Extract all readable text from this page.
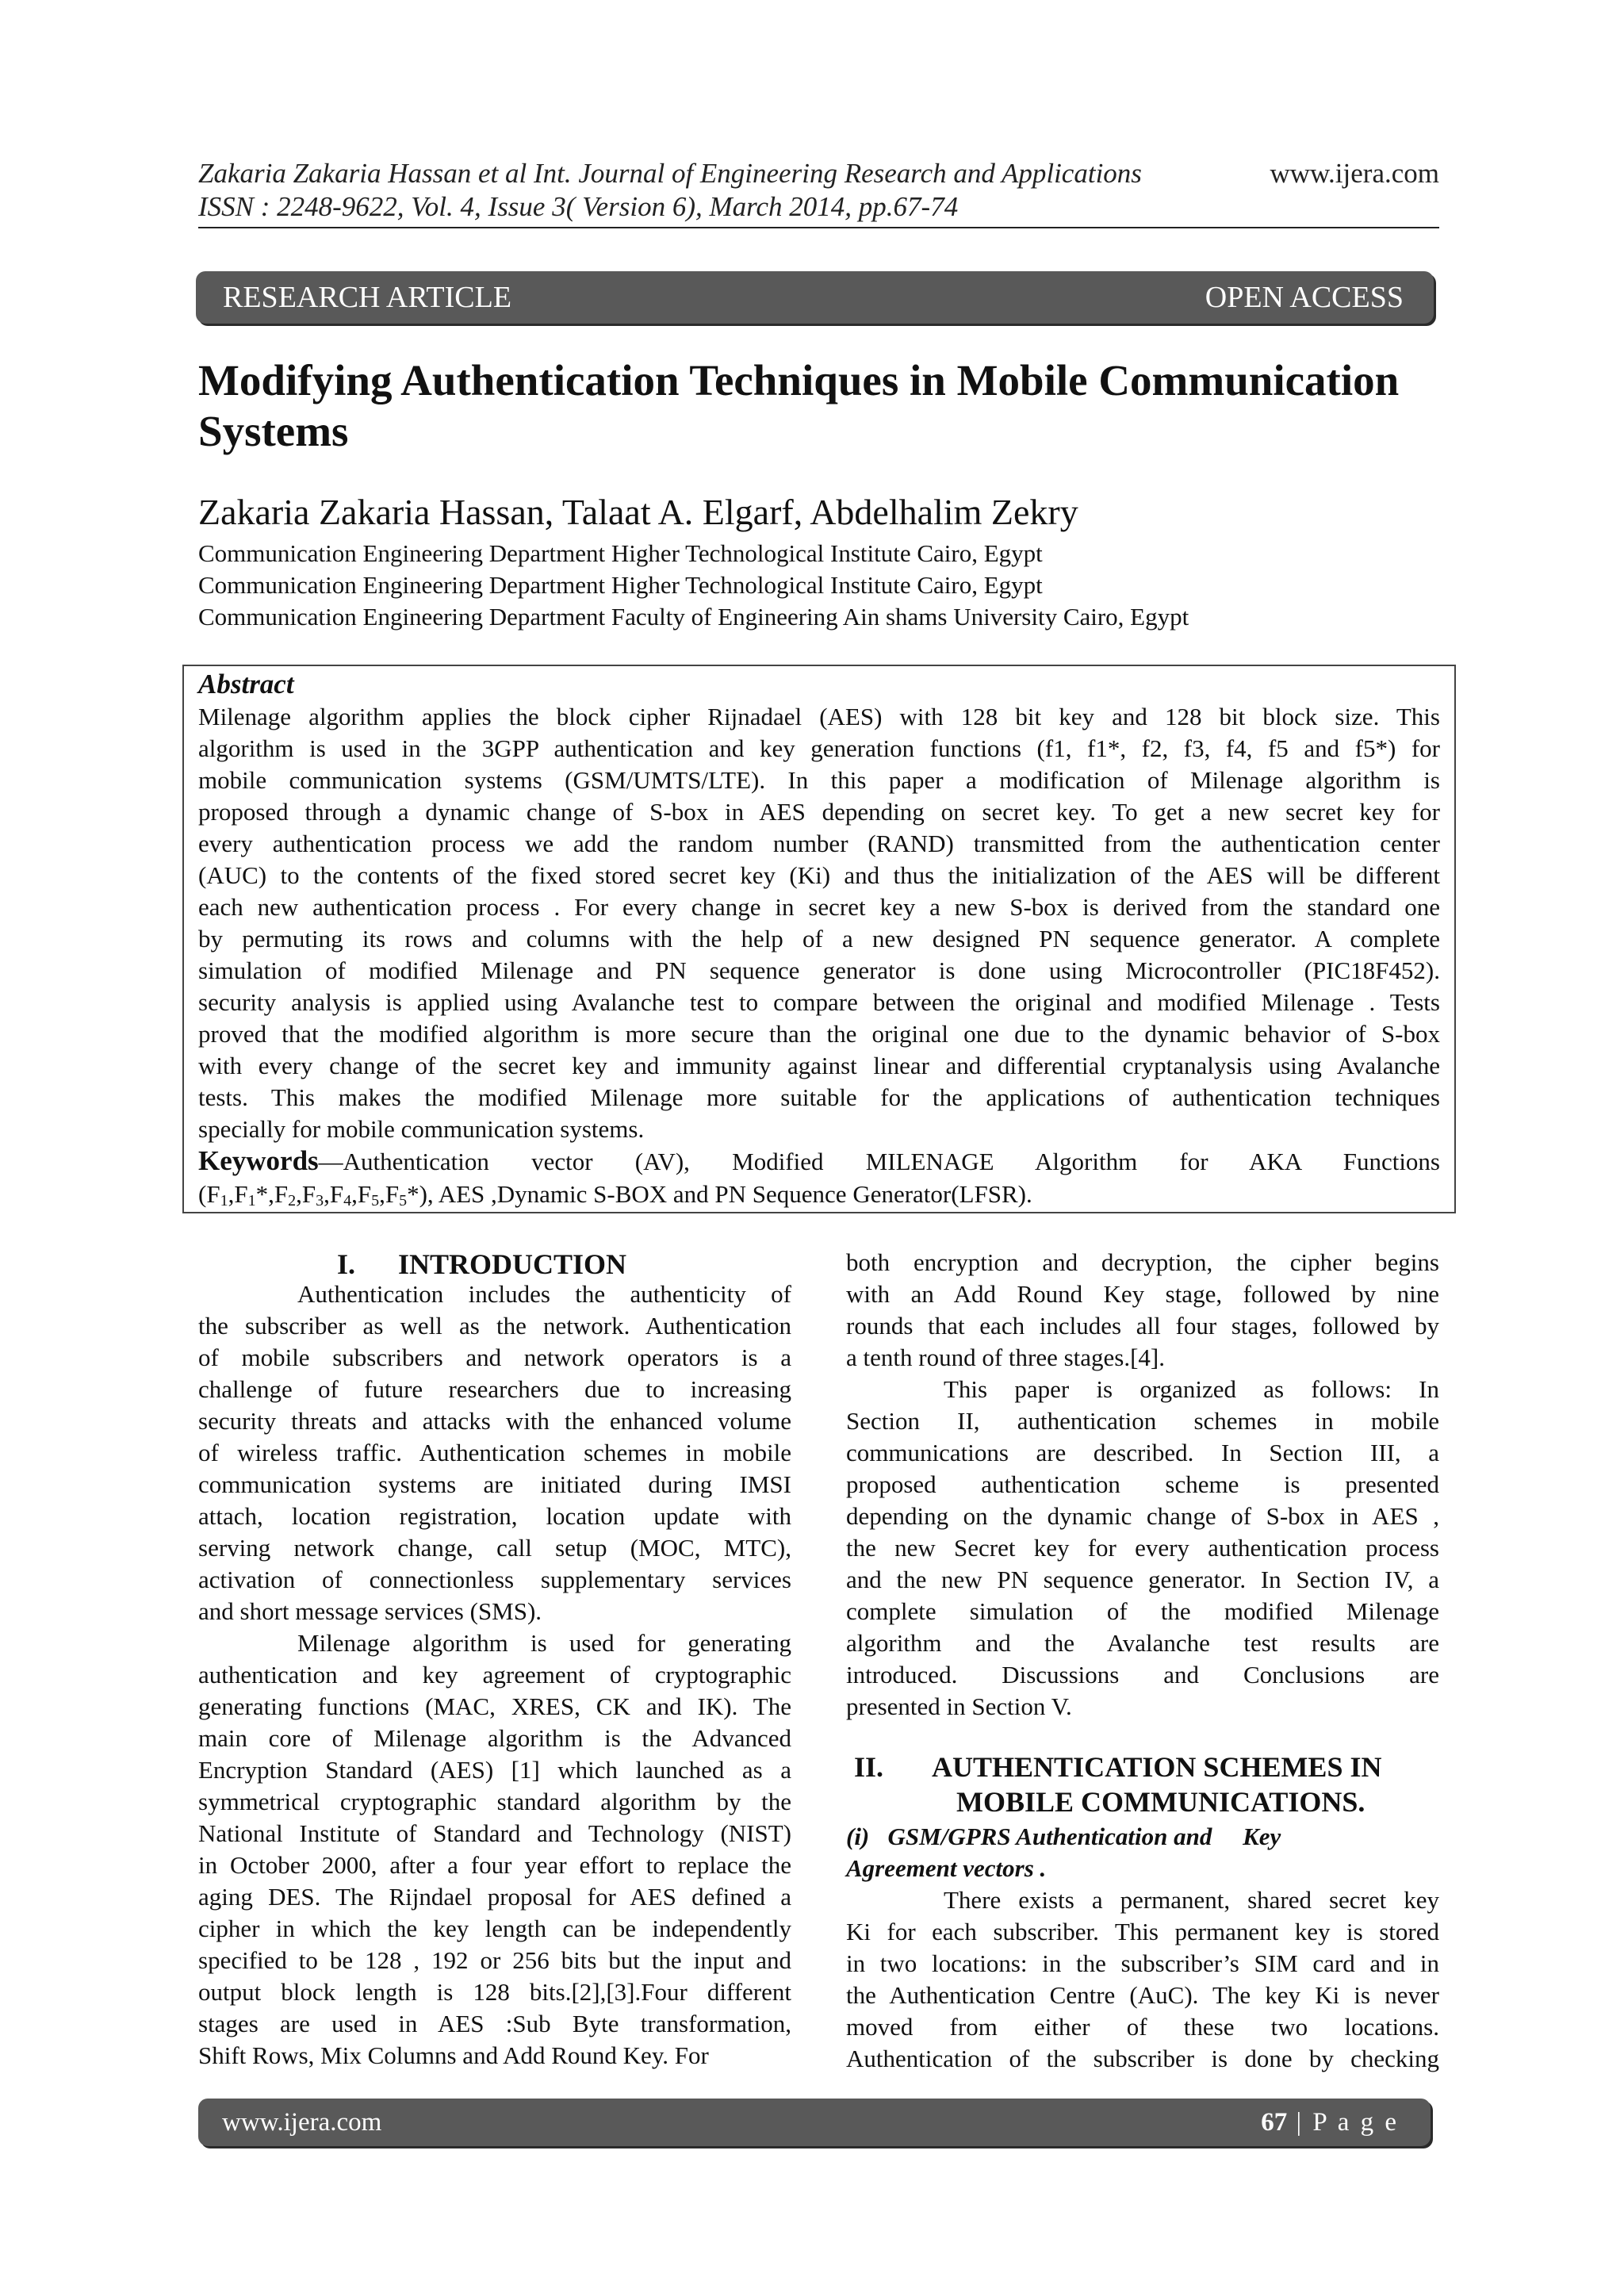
Zakaria Zakaria Hassan et al Int. Journal of Engineering Research and Applications	www.ijera.com
ISSN : 2248-9622, Vol. 4, Issue 3( Version 6), March 2014, pp.67-74
RESEARCH ARTICLE	OPEN ACCESS
Modifying Authentication Techniques in Mobile Communication
Systems
Zakaria Zakaria Hassan, Talaat A. Elgarf, Abdelhalim Zekry
Communication Engineering Department Higher Technological Institute Cairo, Egypt
Communication Engineering Department Higher Technological Institute Cairo, Egypt
Communication Engineering Department Faculty of Engineering Ain shams University Cairo, Egypt
Abstract
Milenage algorithm applies the block cipher Rijnadael (AES) with 128 bit key and 128 bit block size. This
algorithm is used in the 3GPP authentication and key generation functions (f1, f1*, f2, f3, f4, f5 and f5*) for
mobile communication systems (GSM/UMTS/LTE). In this paper a modification of Milenage algorithm is
proposed through a dynamic change of S-box in AES depending on secret key. To get a new secret key for
every authentication process we add the random number (RAND) transmitted from the authentication center
(AUC) to the contents of the fixed stored secret key (Ki) and thus the initialization of the AES will be different
each new authentication process . For every change in secret key a new S-box is derived from the standard one
by permuting its rows and columns with the help of a new designed PN sequence generator. A complete
simulation of modified Milenage and PN sequence generator is done using Microcontroller (PIC18F452).
security analysis is applied using Avalanche test to compare between the original and modified Milenage . Tests
proved that the modified algorithm is more secure than the original one due to the dynamic behavior of S-box
with every change of the secret key and immunity against linear and differential cryptanalysis using Avalanche
tests. This makes the modified Milenage more suitable for the applications of authentication techniques
specially for mobile communication systems.
Keywords—Authentication vector (AV), Modified MILENAGE Algorithm for AKA Functions
$(F_1,F_1*,F_2,F_3,F_4,F_5,F_5*)$, AES ,Dynamic S-BOX and PN Sequence Generator(LFSR).
I.      INTRODUCTION
Authentication includes the authenticity of
the subscriber as well as the network. Authentication
of mobile subscribers and network operators is a
challenge of future researchers due to increasing
security threats and attacks with the enhanced volume
of wireless traffic. Authentication schemes in mobile
communication systems are initiated during IMSI
attach, location registration, location update with
serving network change, call setup (MOC, MTC),
activation of connectionless supplementary services
and short message services (SMS).
Milenage algorithm is used for generating
authentication and key agreement of cryptographic
generating functions (MAC, XRES, CK and IK). The
main core of Milenage algorithm is the Advanced
Encryption Standard (AES) [1] which launched as a
symmetrical cryptographic standard algorithm by the
National Institute of Standard and Technology (NIST)
in October 2000, after a four year effort to replace the
aging DES. The Rijndael proposal for AES defined a
cipher in which the key length can be independently
specified to be 128 , 192 or 256 bits but the input and
output block length is 128 bits.[2],[3].Four different
stages are used in AES :Sub Byte transformation,
Shift Rows, Mix Columns and Add Round Key. For
both encryption and decryption, the cipher begins
with an Add Round Key stage, followed by nine
rounds that each includes all four stages, followed by
a tenth round of three stages.[4].
This paper is organized as follows: In
Section II, authentication schemes in mobile
communications are described. In Section III, a
proposed authentication scheme is presented
depending on the dynamic change of S-box in AES ,
the new Secret key for every authentication process
and the new PN sequence generator. In Section IV, a
complete simulation of the modified Milenage
algorithm and the Avalanche test results are
introduced. Discussions and Conclusions are
presented in Section V.
II.       AUTHENTICATION SCHEMES IN
MOBILE COMMUNICATIONS.
(i)   GSM/GPRS Authentication and     Key
Agreement vectors .
There exists a permanent, shared secret key
Ki for each subscriber. This permanent key is stored
in two locations: in the subscriber’s SIM card and in
the Authentication Centre (AuC). The key Ki is never
moved from either of these two locations.
Authentication of the subscriber is done by checking
www.ijera.com	67 | P a g e
